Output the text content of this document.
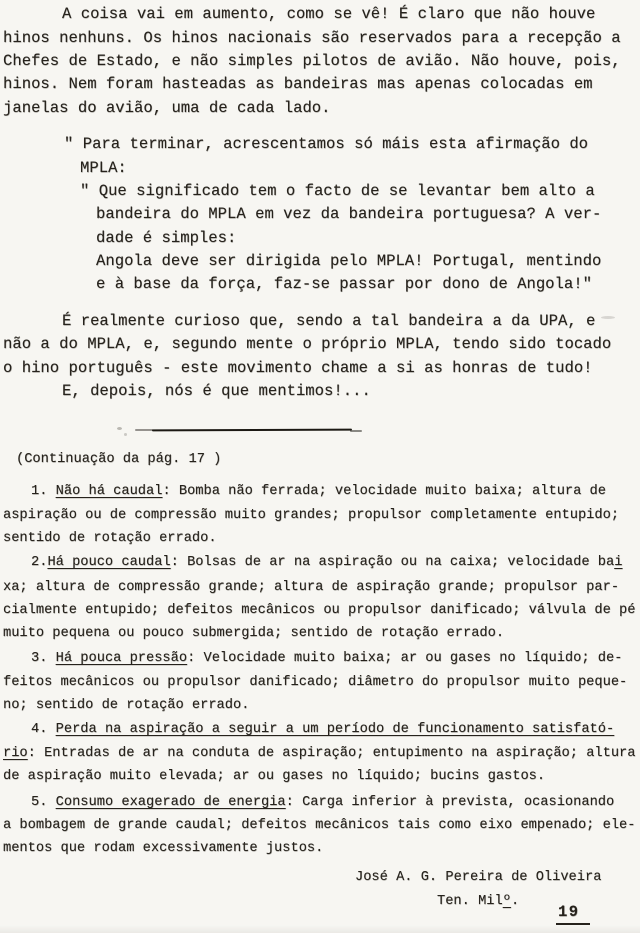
A coisa vai em aumento, como se vê! É claro que não houve
hinos nenhuns. Os hinos nacionais são reservados para a recepção a
Chefes de Estado, e não simples pilotos de avião. Não houve, pois,
hinos. Nem foram hasteadas as bandeiras mas apenas colocadas em
janelas do avião, uma de cada lado.
" Para terminar, acrescentamos só máis esta afirmação do
MPLA:
" Que significado tem o facto de se levantar bem alto a
bandeira do MPLA em vez da bandeira portuguesa? A ver-
dade é simples:
Angola deve ser dirigida pelo MPLA! Portugal, mentindo
e à base da força, faz-se passar por dono de Angola!"
É realmente curioso que, sendo a tal bandeira a da UPA, e
não a do MPLA, e, segundo mente o próprio MPLA, tendo sido tocado
o hino português - este movimento chame a si as honras de tudo!
E, depois, nós é que mentimos!...
(Continuação da pág. 17 )
1. Não há caudal: Bomba não ferrada; velocidade muito baixa; altura de
aspiração ou de compressão muito grandes; propulsor completamente entupido;
sentido de rotação errado.
2.Há pouco caudal: Bolsas de ar na aspiração ou na caixa; velocidade bai
xa; altura de compressão grande; altura de aspiração grande; propulsor par-
cialmente entupido; defeitos mecânicos ou propulsor danificado; válvula de pé
muito pequena ou pouco submergida; sentido de rotação errado.
3. Há pouca pressão: Velocidade muito baixa; ar ou gases no líquido; de-
feitos mecânicos ou propulsor danificado; diâmetro do propulsor muito peque-
no; sentido de rotação errado.
4. Perda na aspiração a seguir a um período de funcionamento satisfató-
rio: Entradas de ar na conduta de aspiração; entupimento na aspiração; altura
de aspiração muito elevada; ar ou gases no líquido; bucins gastos.
5. Consumo exagerado de energia: Carga inferior à prevista, ocasionando
a bombagem de grande caudal; defeitos mecânicos tais como eixo empenado; ele-
mentos que rodam excessivamente justos.
José A. G. Pereira de Oliveira
Ten. Milº.
19
